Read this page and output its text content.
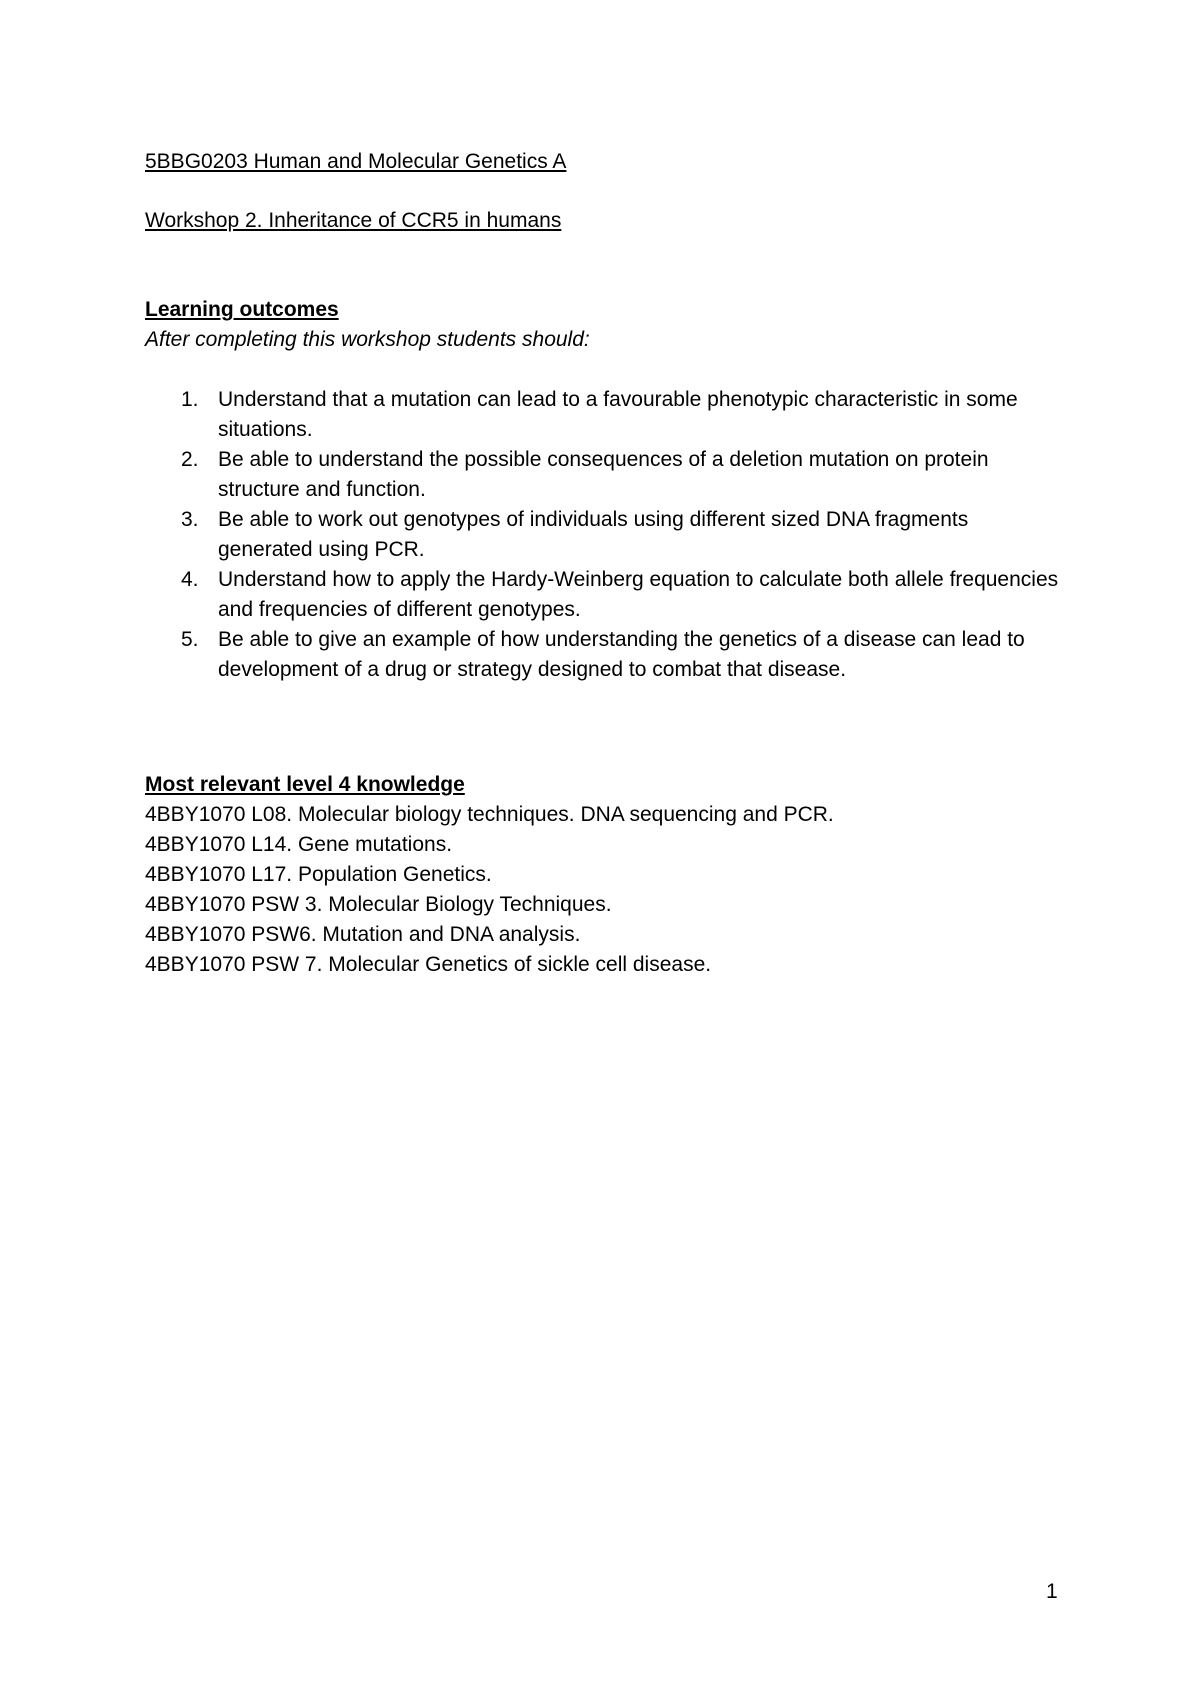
5BBG0203 Human and Molecular Genetics A
Workshop 2. Inheritance of CCR5 in humans
Learning outcomes
After completing this workshop students should:
1. Understand that a mutation can lead to a favourable phenotypic characteristic in some situations.
2. Be able to understand the possible consequences of a deletion mutation on protein structure and function.
3. Be able to work out genotypes of individuals using different sized DNA fragments generated using PCR.
4. Understand how to apply the Hardy-Weinberg equation to calculate both allele frequencies and frequencies of different genotypes.
5. Be able to give an example of how understanding the genetics of a disease can lead to development of a drug or strategy designed to combat that disease.
Most relevant level 4 knowledge
4BBY1070 L08. Molecular biology techniques. DNA sequencing and PCR.
4BBY1070 L14. Gene mutations.
4BBY1070 L17. Population Genetics.
4BBY1070 PSW 3. Molecular Biology Techniques.
4BBY1070 PSW6. Mutation and DNA analysis.
4BBY1070 PSW 7. Molecular Genetics of sickle cell disease.
1
